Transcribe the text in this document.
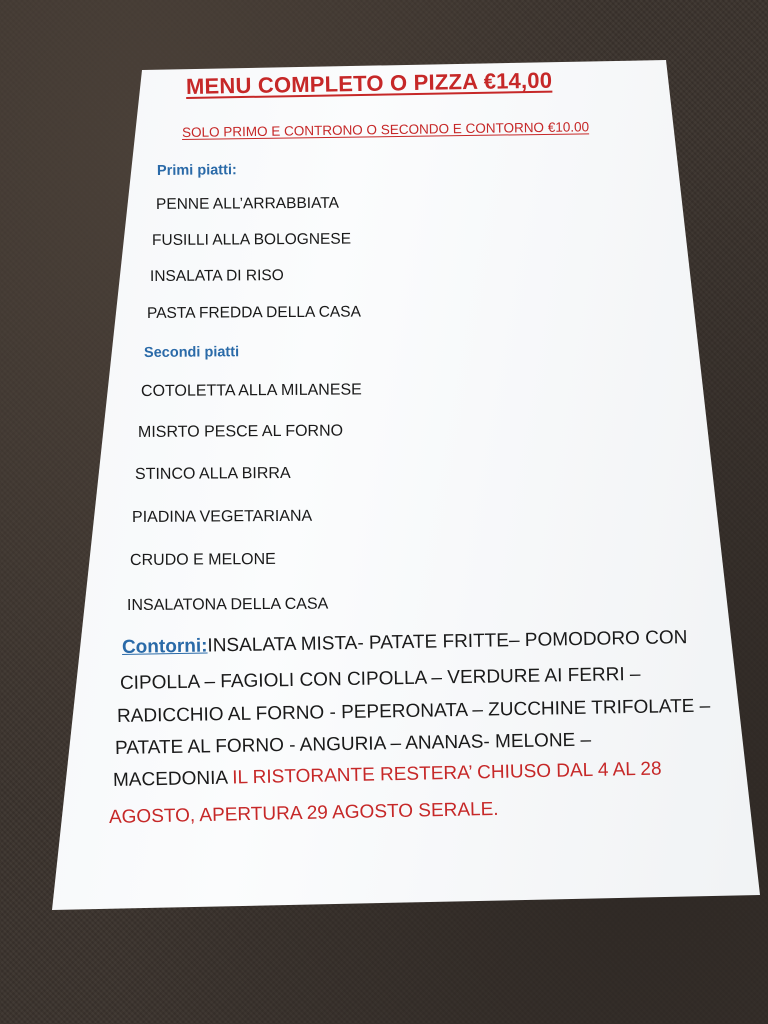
MENU COMPLETO O PIZZA €14,00
SOLO PRIMO E CONTRONO O SECONDO E CONTORNO €10.00
Primi piatti:
PENNE ALL’ARRABBIATA
FUSILLI ALLA BOLOGNESE
INSALATA DI RISO
PASTA FREDDA DELLA CASA
Secondi piatti
COTOLETTA ALLA MILANESE
MISRTO PESCE AL FORNO
STINCO ALLA BIRRA
PIADINA VEGETARIANA
CRUDO E MELONE
INSALATONA DELLA CASA
Contorni:INSALATA MISTA- PATATE FRITTE– POMODORO CON
CIPOLLA – FAGIOLI CON CIPOLLA – VERDURE AI FERRI –
RADICCHIO AL FORNO - PEPERONATA – ZUCCHINE TRIFOLATE –
PATATE AL FORNO - ANGURIA – ANANAS- MELONE –
MACEDONIA IL RISTORANTE RESTERA’ CHIUSO DAL 4 AL 28
AGOSTO, APERTURA 29 AGOSTO SERALE.
